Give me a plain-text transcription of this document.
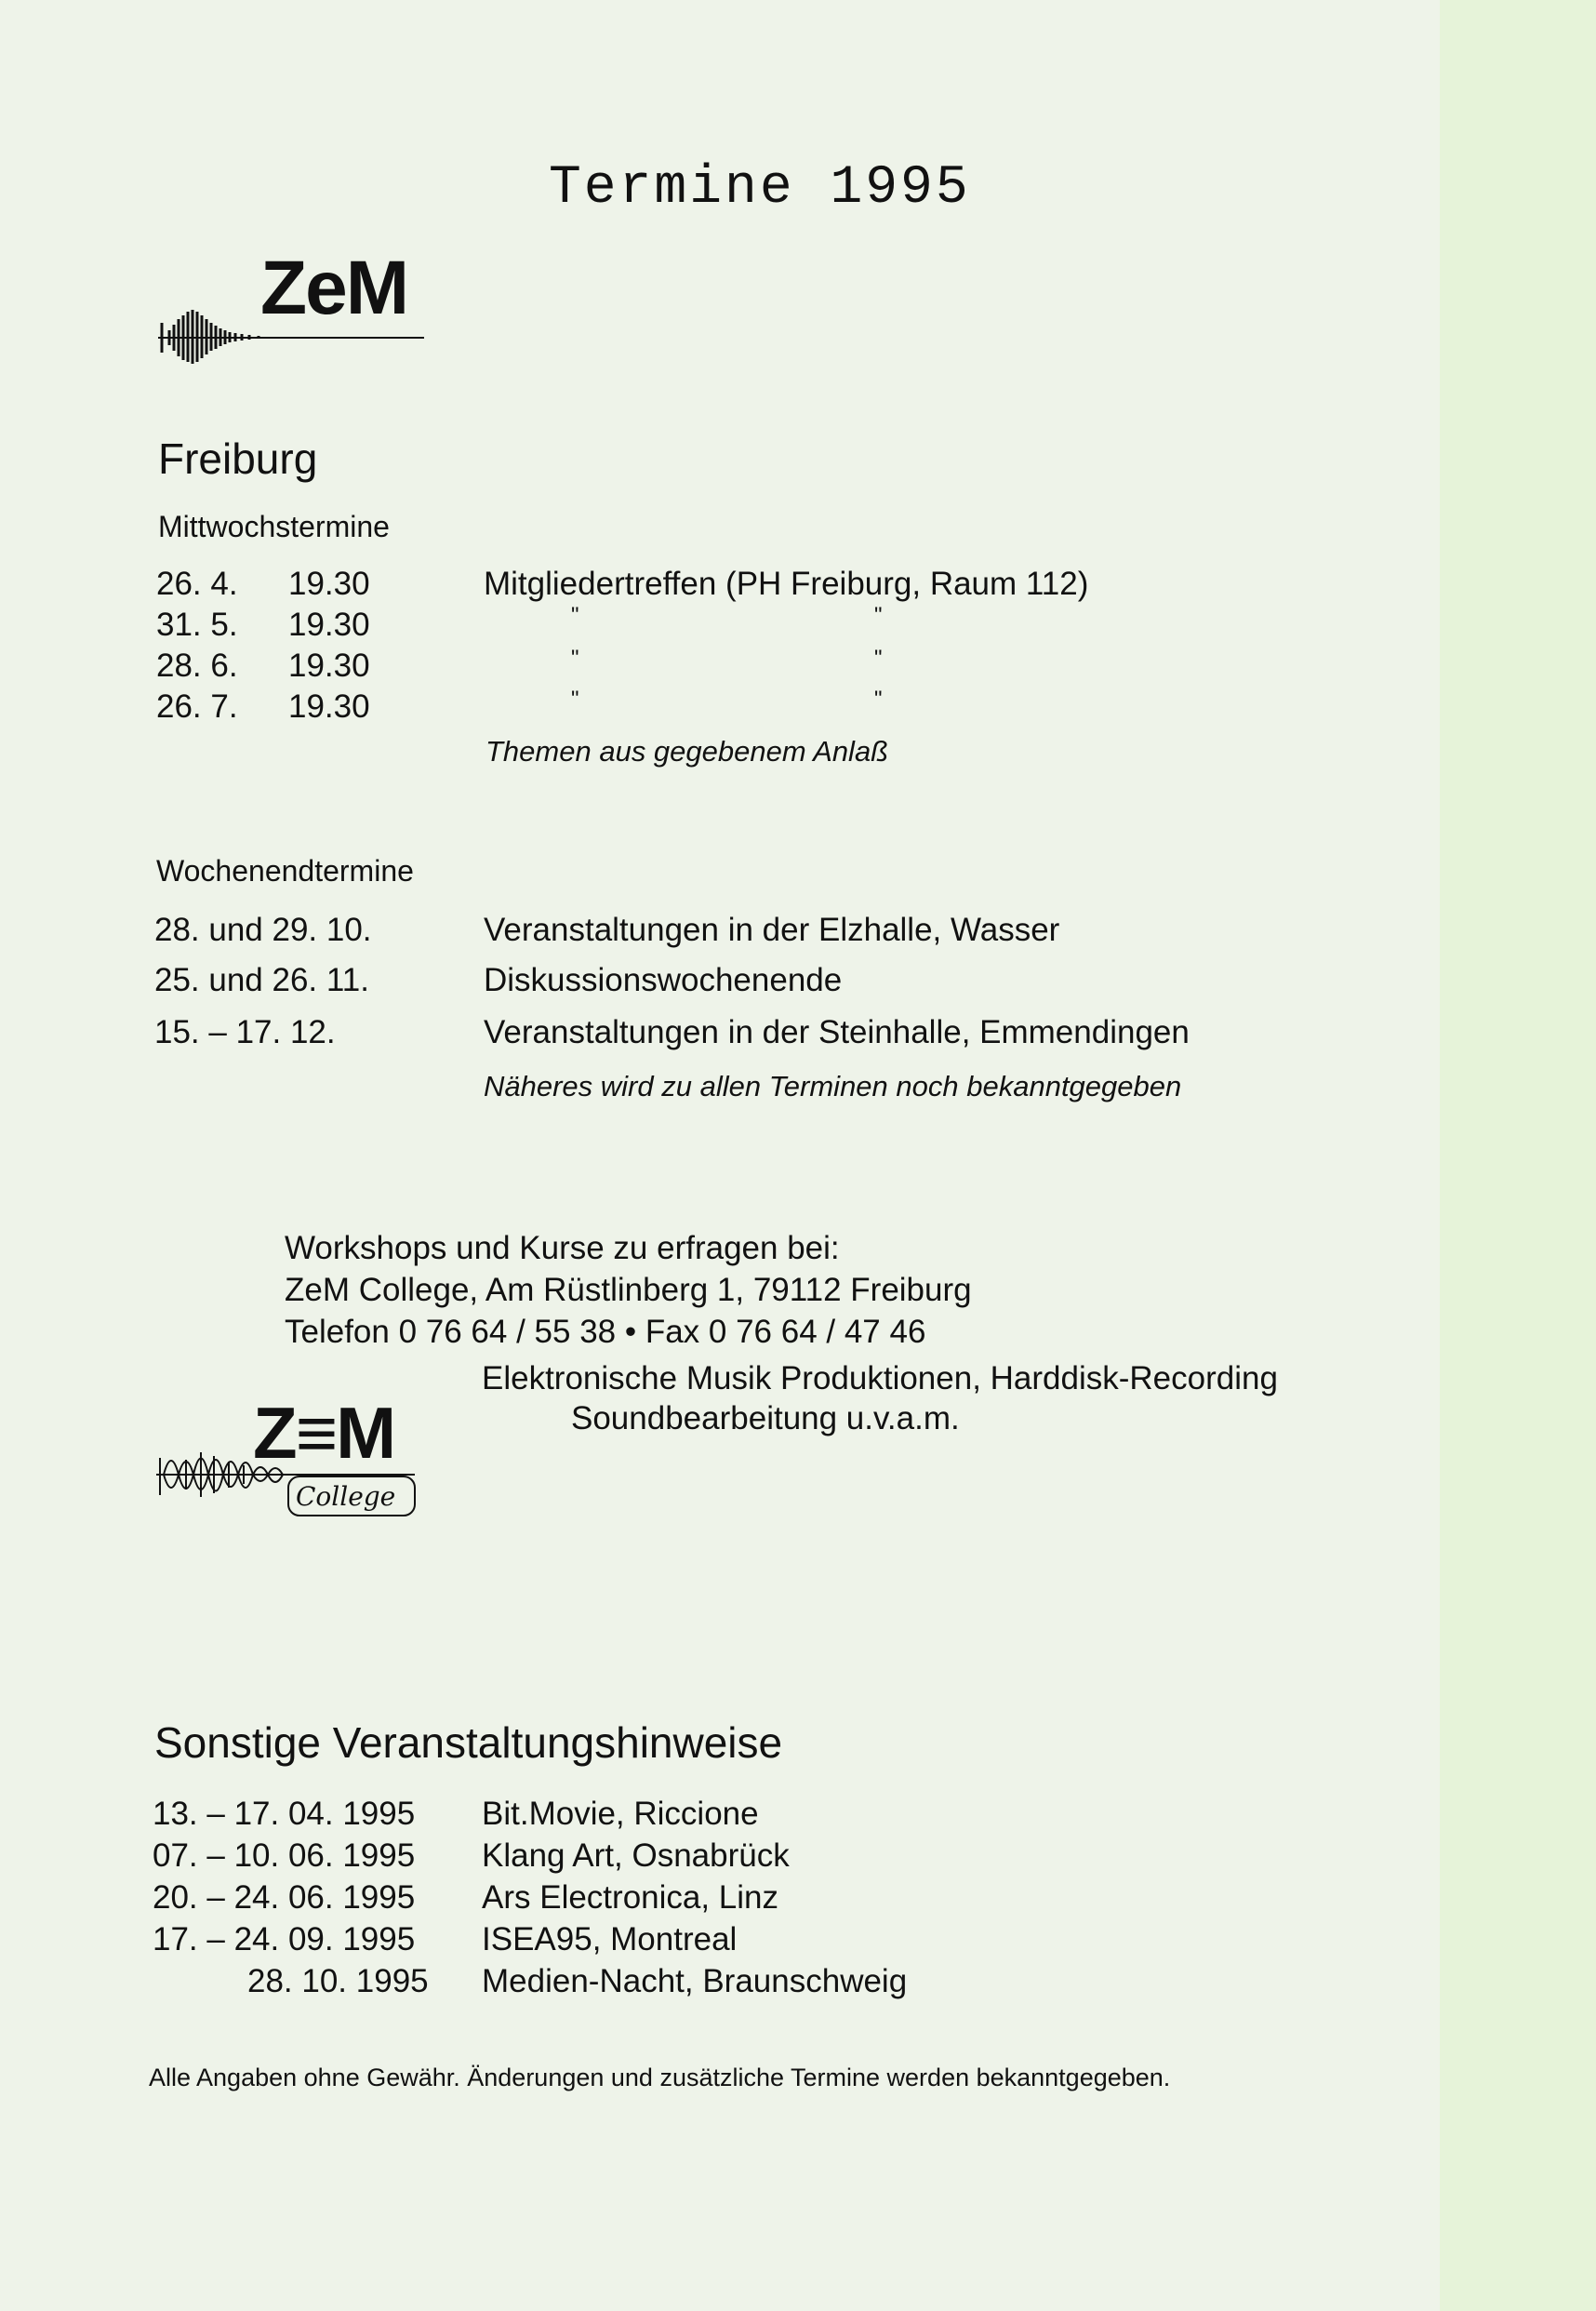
Termine 1995
ZeM
Freiburg
Mittwochstermine
26. 4. 19.30	Mitgliedertreffen (PH Freiburg, Raum 112)
31. 5. 19.30	"	"
28. 6. 19.30	"	"
26. 7. 19.30	"	"
Themen aus gegebenem Anlaß
Wochenendtermine
28. und 29. 10.	Veranstaltungen in der Elzhalle, Wasser
25. und 26. 11.	Diskussionswochenende
15. – 17. 12.	Veranstaltungen in der Steinhalle, Emmendingen
Näheres wird zu allen Terminen noch bekanntgegeben
Workshops und Kurse zu erfragen bei:
ZeM College, Am Rüstlinberg 1, 79112 Freiburg
Telefon 0 76 64 / 55 38 • Fax 0 76 64 / 47 46
Elektronische Musik Produktionen, Harddisk-Recording
Soundbearbeitung u.v.a.m.
Z≡M
College
Sonstige Veranstaltungshinweise
13. – 17. 04. 1995 Bit.Movie, Riccione
07. – 10. 06. 1995 Klang Art, Osnabrück
20. – 24. 06. 1995 Ars Electronica, Linz
17. – 24. 09. 1995 ISEA95, Montreal
28. 10. 1995 Medien-Nacht, Braunschweig
Alle Angaben ohne Gewähr. Änderungen und zusätzliche Termine werden bekanntgegeben.
